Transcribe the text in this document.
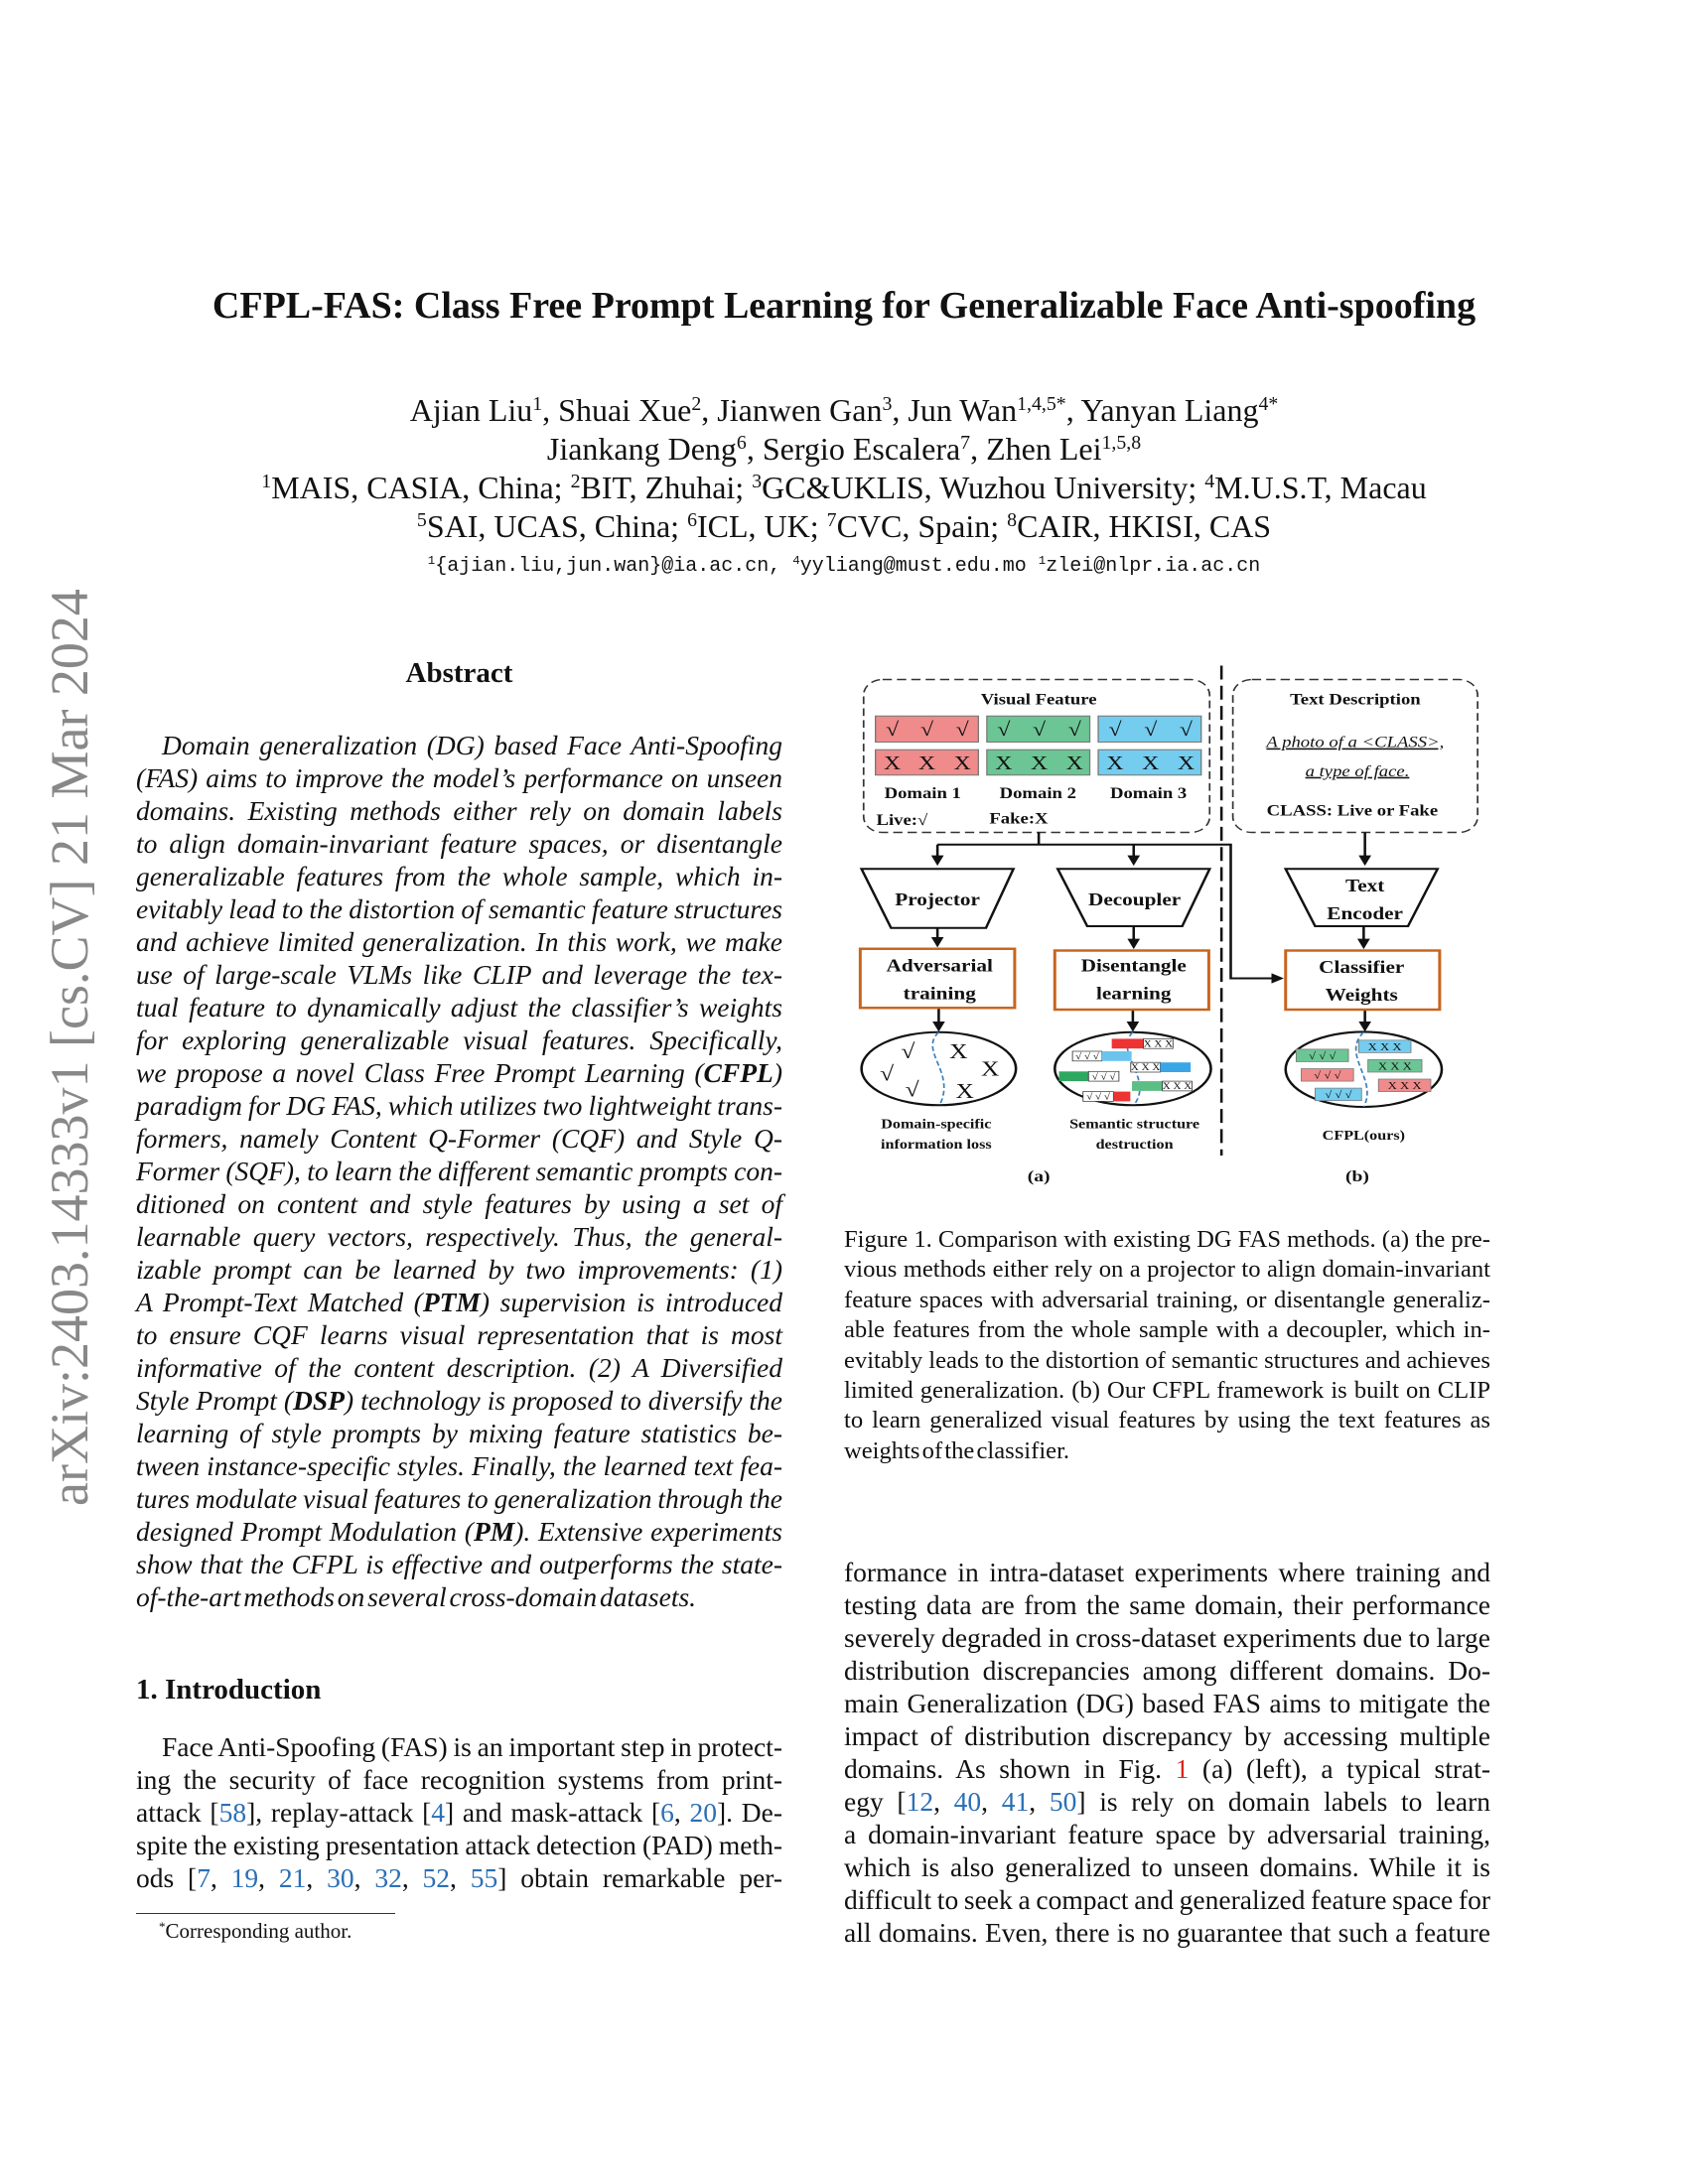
arXiv:2403.14333v1 [cs.CV] 21 Mar 2024
CFPL-FAS: Class Free Prompt Learning for Generalizable Face Anti-spoofing
Ajian Liu$^1$, Shuai Xue$^2$, Jianwen Gan$^3$, Jun Wan$^{1,4,5*}$, Yanyan Liang$^{4*}$
Jiankang Deng$^6$, Sergio Escalera$^7$, Zhen Lei$^{1,5,8}$
$^1$MAIS, CASIA, China; $^2$BIT, Zhuhai; $^3$GC&UKLIS, Wuzhou University; $^4$M.U.S.T, Macau
$^5$SAI, UCAS, China; $^6$ICL, UK; $^7$CVC, Spain; $^8$CAIR, HKISI, CAS
$^1${ajian.liu,jun.wan}@ia.ac.cn, $^4$yyliang@must.edu.mo $^1$zlei@nlpr.ia.ac.cn
Abstract
Domain generalization (DG) based Face Anti-Spoofing
(FAS) aims to improve the model’s performance on unseen
domains. Existing methods either rely on domain labels
to align domain-invariant feature spaces, or disentangle
generalizable features from the whole sample, which in-
evitably lead to the distortion of semantic feature structures
and achieve limited generalization. In this work, we make
use of large-scale VLMs like CLIP and leverage the tex-
tual feature to dynamically adjust the classifier’s weights
for exploring generalizable visual features. Specifically,
we propose a novel Class Free Prompt Learning (CFPL)
paradigm for DG FAS, which utilizes two lightweight trans-
formers, namely Content Q-Former (CQF) and Style Q-
Former (SQF), to learn the different semantic prompts con-
ditioned on content and style features by using a set of
learnable query vectors, respectively. Thus, the general-
izable prompt can be learned by two improvements: (1)
A Prompt-Text Matched (PTM) supervision is introduced
to ensure CQF learns visual representation that is most
informative of the content description. (2) A Diversified
Style Prompt (DSP) technology is proposed to diversify the
learning of style prompts by mixing feature statistics be-
tween instance-specific styles. Finally, the learned text fea-
tures modulate visual features to generalization through the
designed Prompt Modulation (PM). Extensive experiments
show that the CFPL is effective and outperforms the state-
of-the-art methods on several cross-domain datasets.
1. Introduction
Face Anti-Spoofing (FAS) is an important step in protect-
ing the security of face recognition systems from print-
attack [58], replay-attack [4] and mask-attack [6, 20]. De-
spite the existing presentation attack detection (PAD) meth-
ods [7, 19, 21, 30, 32, 52, 55] obtain remarkable per-
*Corresponding author.
formance in intra-dataset experiments where training and
testing data are from the same domain, their performance
severely degraded in cross-dataset experiments due to large
distribution discrepancies among different domains. Do-
main Generalization (DG) based FAS aims to mitigate the
impact of distribution discrepancy by accessing multiple
domains. As shown in Fig. 1 (a) (left), a typical strat-
egy [12, 40, 41, 50] is rely on domain labels to learn
a domain-invariant feature space by adversarial training,
which is also generalized to unseen domains. While it is
difficult to seek a compact and generalized feature space for
all domains. Even, there is no guarantee that such a feature
Figure 1. Comparison with existing DG FAS methods. (a) the pre-
vious methods either rely on a projector to align domain-invariant
feature spaces with adversarial training, or disentangle generaliz-
able features from the whole sample with a decoupler, which in-
evitably leads to the distortion of semantic structures and achieves
limited generalization. (b) Our CFPL framework is built on CLIP
to learn generalized visual features by using the text features as
weights of the classifier.
Visual Feature
√ √ √ √ √ √ √ √ √
X X X X X X X X X
Domain 1 Domain 2 Domain 3
Live:√ Fake:X
Text Description
A photo of a <CLASS>,
a type of face.
CLASS: Live or Fake
Projector Decoupler
Text
Encoder
Adversarial
training
Disentangle
learning
Classifier
Weights
√
√
√
X
X
X
X X X
√ √ √
X X X
√ √ √
X X X
√ √ √
X X X
√ √ √
X X X
√ √ √
X X X
√ √ √
Domain-specific
information loss
Semantic structure
destruction
CFPL(ours)
(a)	(b)
